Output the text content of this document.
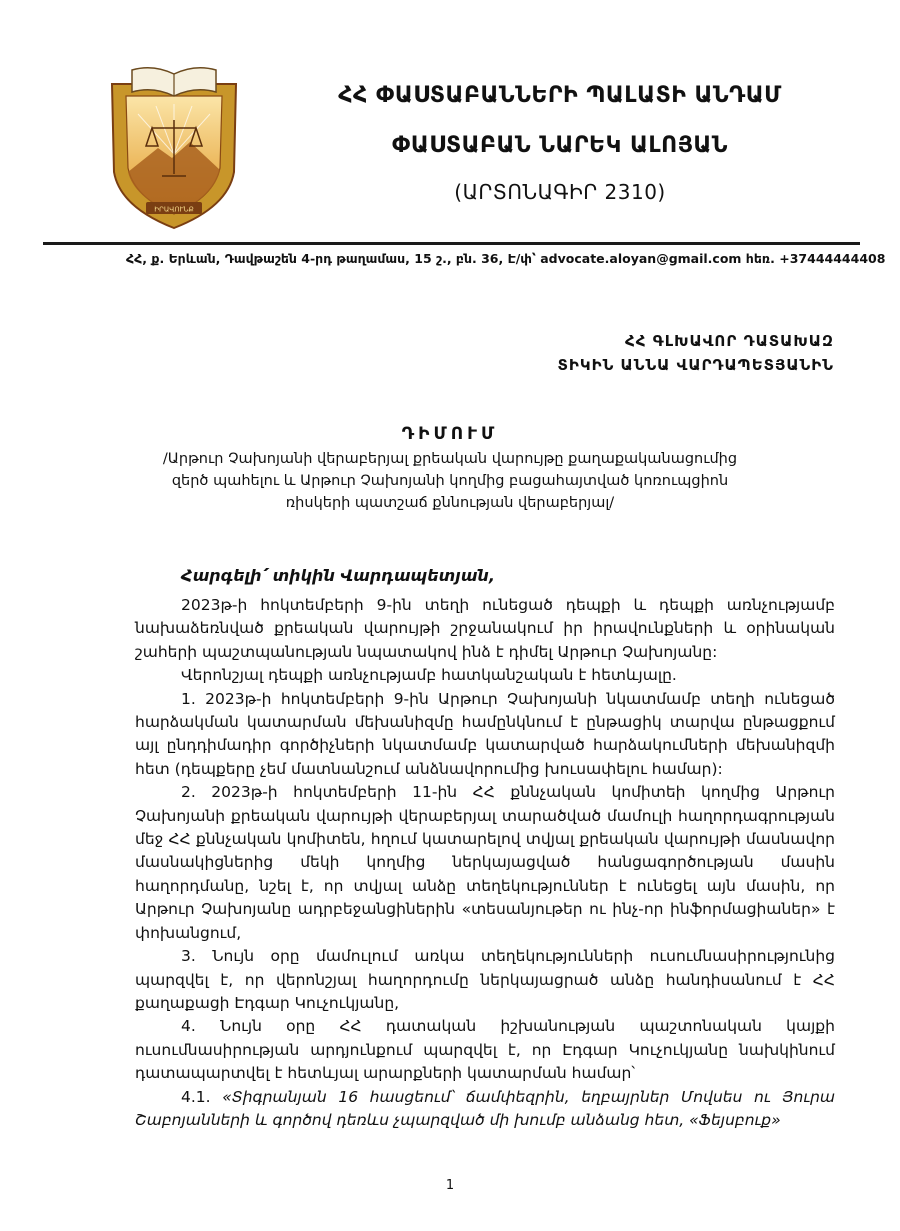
ԻՐԱՎՈՒՆՔ
ՀՀ ՓԱՍՏԱԲԱՆՆԵՐԻ ՊԱԼԱՏԻ ԱՆԴԱՄ
ՓԱՍՏԱԲԱՆ ՆԱՐԵԿ ԱԼՈՅԱՆ
(ԱՐՏՈՆԱԳԻՐ 2310)
ՀՀ, ք. Երևան, Դավթաշեն 4-րդ թաղամաս, 15 շ., բն. 36, Է/փ՝ advocate.aloyan@gmail.com հեռ. +37444444408
ՀՀ ԳԼԽԱՎՈՐ ԴԱՏԱԽԱԶ
ՏԻԿԻՆ ԱՆՆԱ ՎԱՐԴԱՊԵՏՅԱՆԻՆ
ԴԻՄՈՒՄ
/Արթուր Չախոյանի վերաբերյալ քրեական վարույթը քաղաքականացումից զերծ պահելու և Արթուր Չախոյանի կողմից բացահայտված կոռուպցիոն ռիսկերի պատշաճ քննության վերաբերյալ/
Հարգելի՛ տիկին Վարդապետյան,

2023թ-ի հոկտեմբերի 9-ին տեղի ունեցած դեպքի և դեպքի առնչությամբ նախաձեռնված քրեական վարույթի շրջանակում իր իրավունքների և օրինական շահերի պաշտպանության նպատակով ինձ է դիմել Արթուր Չախոյանը:

Վերոնշյալ դեպքի առնչությամբ հատկանշական է հետևյալը.

1. 2023թ-ի հոկտեմբերի 9-ին Արթուր Չախոյանի նկատմամբ տեղի ունեցած հարձակման կատարման մեխանիզմը համընկնում է ընթացիկ տարվա ընթացքում այլ ընդդիմադիր գործիչների նկատմամբ կատարված հարձակումների մեխանիզմի հետ (դեպքերը չեմ մատնանշում անձնավորումից խուսափելու համար):

2. 2023թ-ի հոկտեմբերի 11-ին ՀՀ քննչական կոմիտեի կողմից Արթուր Չախոյանի քրեական վարույթի վերաբերյալ տարածված մամուլի հաղորդագրության մեջ ՀՀ քննչական կոմիտեն, հղում կատարելով տվյալ քրեական վարույթի մասնավոր մասնակիցներից մեկի կողմից ներկայացված հանցագործության մասին հաղորդմանը, նշել է, որ տվյալ անձը տեղեկություններ է ունեցել այն մասին, որ Արթուր Չախոյանը ադրբեջանցիներին «տեսանյութեր ու ինչ-որ ինֆորմացիաներ» է փոխանցում,

3. Նույն օրը մամուլում առկա տեղեկությունների ուսումնասիրությունից պարզվել է, որ վերոնշյալ հաղորդումը ներկայացրած անձը հանդիսանում է ՀՀ քաղաքացի Էդգար Կուչուկյանը,

4. Նույն օրը ՀՀ դատական իշխանության պաշտոնական կայքի ուսումնասիրության արդյունքում պարզվել է, որ Էդգար Կուչուկյանը նախկինում դատապարտվել է հետևյալ արարքների կատարման համար՝

4.1. «Տիգրանյան 16 հասցեում՝ ճամփեզրին, եղբայրներ Մովսես ու Յուրա Շաբոյանների և գործով դեռևս չպարզված մի խումբ անձանց հետ, «Ֆեյսբուք»

1
